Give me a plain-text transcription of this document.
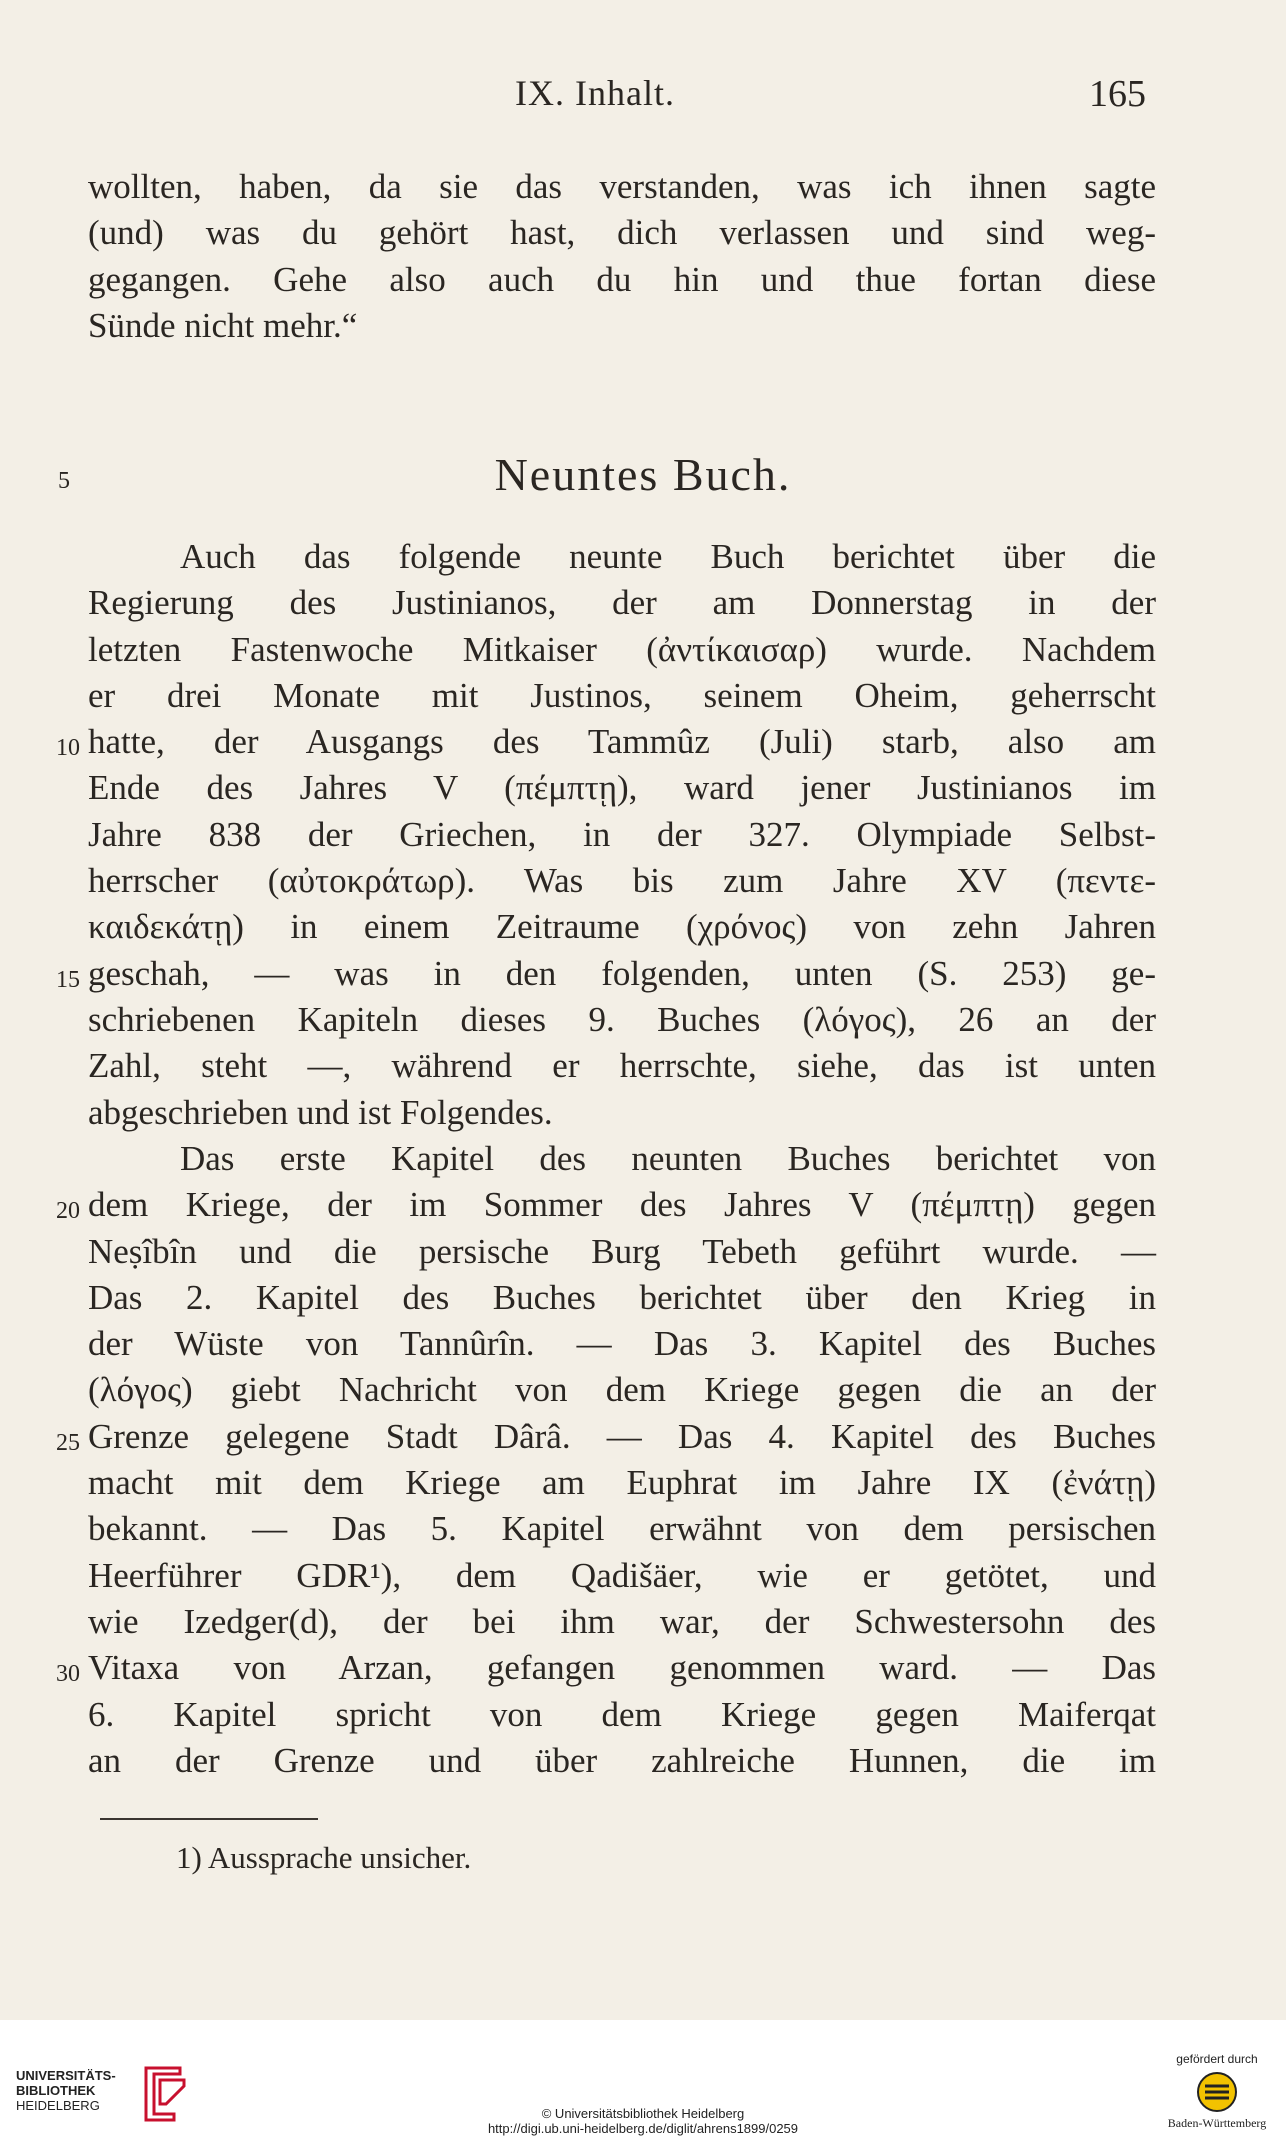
IX. Inhalt.	165
wollten, haben, da sie das verstanden, was ich ihnen sagte
(und) was du gehört hast, dich verlassen und sind weg-
gegangen. Gehe also auch du hin und thue fortan diese
Sünde nicht mehr.“
5	Neuntes Buch.
Auch das folgende neunte Buch berichtet über die
Regierung des Justinianos, der am Donnerstag in der
letzten Fastenwoche Mitkaiser (ἀντίκαισαρ) wurde. Nachdem
er drei Monate mit Justinos, seinem Oheim, geherrscht
hatte, der Ausgangs des Tammûz (Juli) starb, also am
10
Ende des Jahres V (πέμπτῃ), ward jener Justinianos im
Jahre 838 der Griechen, in der 327. Olympiade Selbst-
herrscher (αὐτοκράτωρ). Was bis zum Jahre XV (πεντε-
καιδεκάτῃ) in einem Zeitraume (χρόνος) von zehn Jahren
geschah, — was in den folgenden, unten (S. 253) ge-
15
schriebenen Kapiteln dieses 9. Buches (λόγος), 26 an der
Zahl, steht —, während er herrschte, siehe, das ist unten
abgeschrieben und ist Folgendes.
Das erste Kapitel des neunten Buches berichtet von
dem Kriege, der im Sommer des Jahres V (πέμπτῃ) gegen
20
Neṣîbîn und die persische Burg Tebeth geführt wurde. —
Das 2. Kapitel des Buches berichtet über den Krieg in
der Wüste von Tannûrîn. — Das 3. Kapitel des Buches
(λόγος) giebt Nachricht von dem Kriege gegen die an der
Grenze gelegene Stadt Dârâ. — Das 4. Kapitel des Buches
25
macht mit dem Kriege am Euphrat im Jahre IX (ἐνάτῃ)
bekannt. — Das 5. Kapitel erwähnt von dem persischen
Heerführer GDR¹), dem Qadišäer, wie er getötet, und
wie Izedger(d), der bei ihm war, der Schwestersohn des
Vitaxa von Arzan, gefangen genommen ward. — Das
30
6. Kapitel spricht von dem Kriege gegen Maiferqat
an der Grenze und über zahlreiche Hunnen, die im
1) Aussprache unsicher.
UNIVERSITÄTS-
BIBLIOTHEK
HEIDELBERG
© Universitätsbibliothek Heidelberg
http://digi.ub.uni-heidelberg.de/diglit/ahrens1899/0259
gefördert durch
Baden-Württemberg
